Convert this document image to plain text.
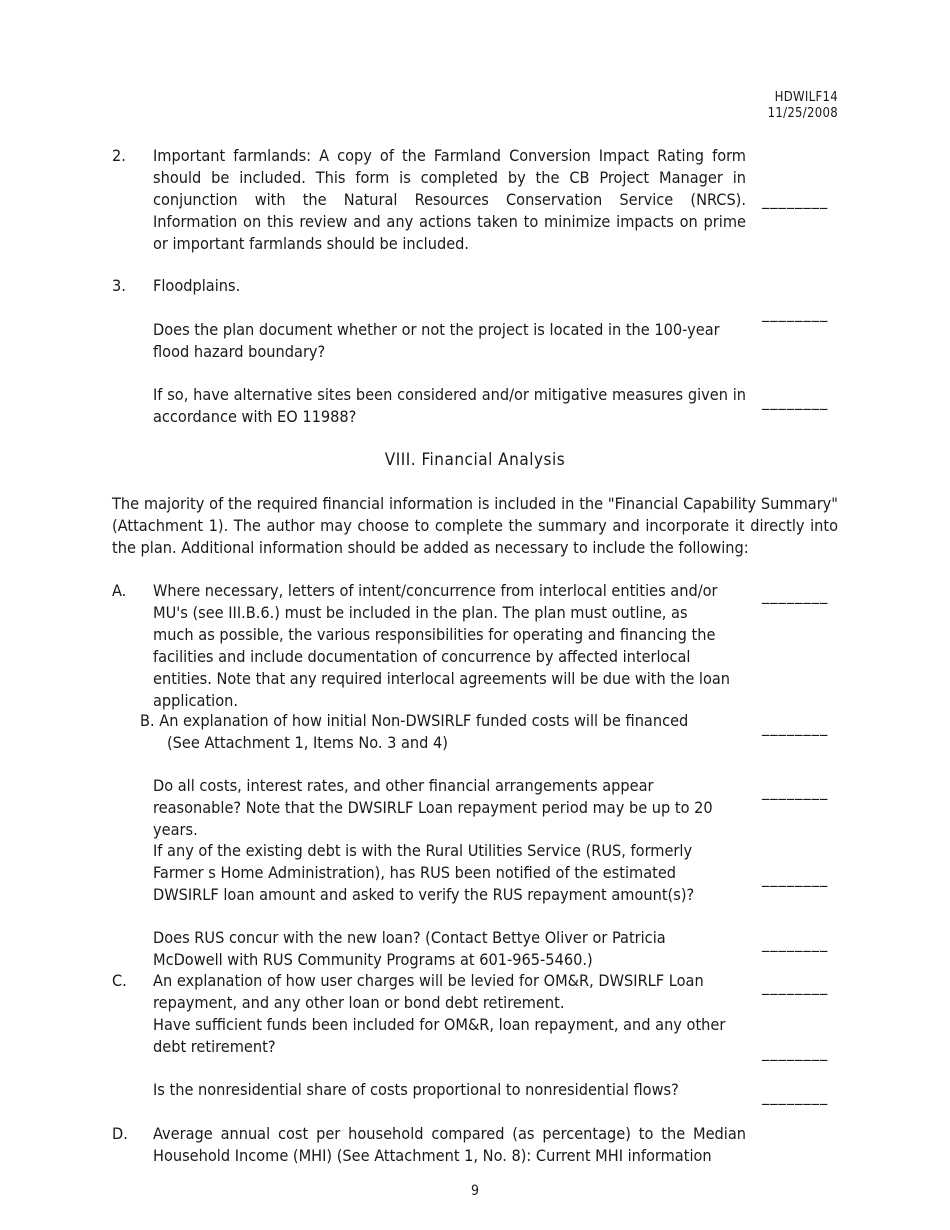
HDWILF14
11/25/2008
2. Important farmlands: A copy of the Farmland Conversion Impact Rating form should be included. This form is completed by the CB Project Manager in conjunction with the Natural Resources Conservation Service (NRCS). Information on this review and any actions taken to minimize impacts on prime or important farmlands should be included.
________
3. Floodplains.
________
Does the plan document whether or not the project is located in the 100-year flood hazard boundary?
If so, have alternative sites been considered and/or mitigative measures given in accordance with EO 11988?
________
VIII. Financial Analysis
The majority of the required financial information is included in the "Financial Capability Summary" (Attachment 1). The author may choose to complete the summary and incorporate it directly into the plan. Additional information should be added as necessary to include the following:
A. Where necessary, letters of intent/concurrence from interlocal entities and/or
MU's (see III.B.6.) must be included in the plan. The plan must outline, as
much as possible, the various responsibilities for operating and financing the
facilities and include documentation of concurrence by affected interlocal
entities. Note that any required interlocal agreements will be due with the loan
application.
________
B. An explanation of how initial Non-DWSIRLF funded costs will be financed
(See Attachment 1, Items No. 3 and 4)
________
Do all costs, interest rates, and other financial arrangements appear
reasonable? Note that the DWSIRLF Loan repayment period may be up to 20
years.
________
If any of the existing debt is with the Rural Utilities Service (RUS, formerly
Farmer s Home Administration), has RUS been notified of the estimated
DWSIRLF loan amount and asked to verify the RUS repayment amount(s)?
________
Does RUS concur with the new loan? (Contact Bettye Oliver or Patricia
McDowell with RUS Community Programs at 601-965-5460.)
________
C. An explanation of how user charges will be levied for OM&R, DWSIRLF Loan
repayment, and any other loan or bond debt retirement.
________
Have sufficient funds been included for OM&R, loan repayment, and any other
debt retirement?	________
Is the nonresidential share of costs proportional to nonresidential flows?	________
D. Average annual cost per household compared (as percentage) to the Median Household Income (MHI) (See Attachment 1, No. 8): Current MHI information
9
